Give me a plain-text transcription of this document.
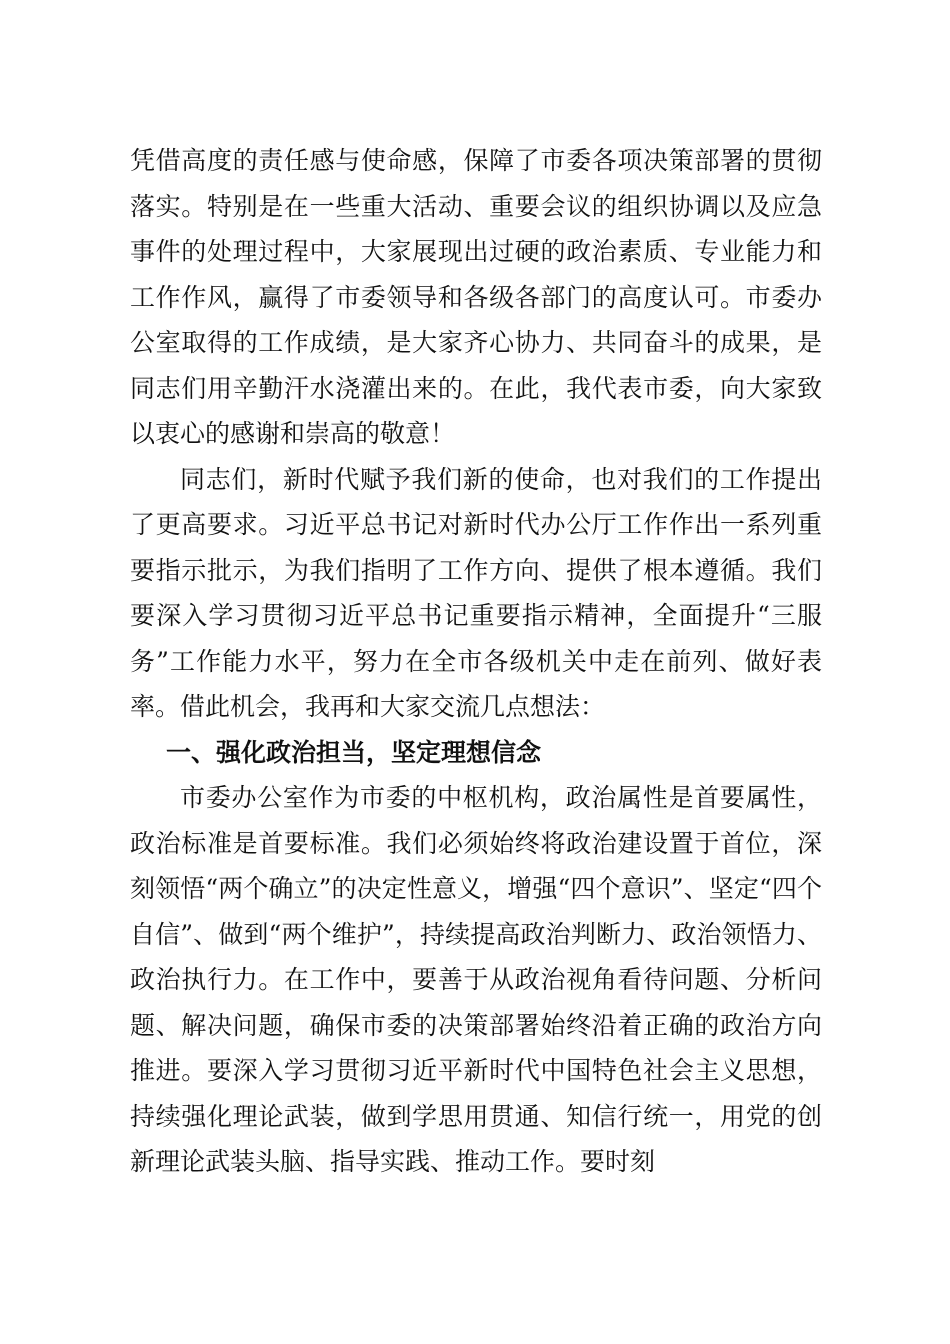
凭借高度的责任感与使命感，保障了市委各项决策部署的贯彻落实。特别是在一些重大活动、重要会议的组织协调以及应急事件的处理过程中，大家展现出过硬的政治素质、专业能力和工作作风，赢得了市委领导和各级各部门的高度认可。市委办公室取得的工作成绩，是大家齐心协力、共同奋斗的成果，是同志们用辛勤汗水浇灌出来的。在此，我代表市委，向大家致以衷心的感谢和崇高的敬意！

同志们，新时代赋予我们新的使命，也对我们的工作提出了更高要求。习近平总书记对新时代办公厅工作作出一系列重要指示批示，为我们指明了工作方向、提供了根本遵循。我们要深入学习贯彻习近平总书记重要指示精神，全面提升“三服务”工作能力水平，努力在全市各级机关中走在前列、做好表率。借此机会，我再和大家交流几点想法：

一、强化政治担当，坚定理想信念

市委办公室作为市委的中枢机构，政治属性是首要属性，政治标准是首要标准。我们必须始终将政治建设置于首位，深刻领悟“两个确立”的决定性意义，增强“四个意识”、坚定“四个自信”、做到“两个维护”，持续提高政治判断力、政治领悟力、政治执行力。在工作中，要善于从政治视角看待问题、分析问题、解决问题，确保市委的决策部署始终沿着正确的政治方向推进。要深入学习贯彻习近平新时代中国特色社会主义思想，持续强化理论武装，做到学思用贯通、知信行统一，用党的创新理论武装头脑、指导实践、推动工作。要时刻
